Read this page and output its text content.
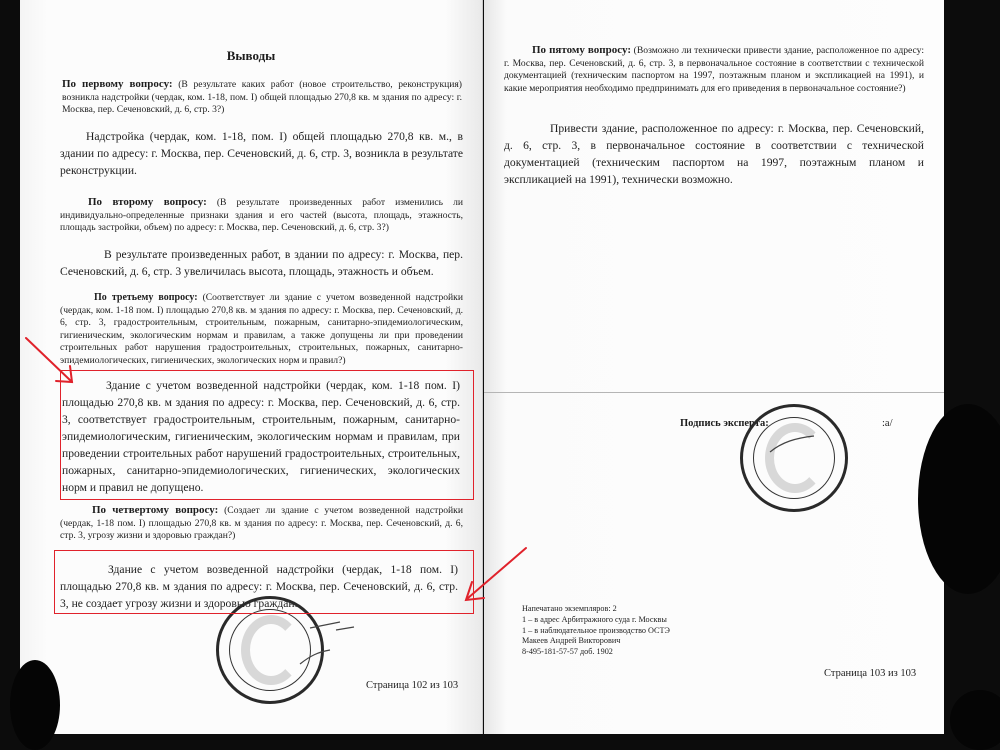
Выводы

По первому вопросу: (В результате каких работ (новое строительство, реконструкция) возникла надстройки (чердак, ком. 1-18, пом. I) общей площадью 270,8 кв. м здания по адресу: г. Москва, пер. Сеченовский, д. 6, стр. 3?)

Надстройка (чердак, ком. 1-18, пом. I) общей площадью 270,8 кв. м., в здании по адресу: г. Москва, пер. Сеченовский, д. 6, стр. 3, возникла в результате реконструкции.

По второму вопросу: (В результате произведенных работ изменились ли индивидуально-определенные признаки здания и его частей (высота, площадь, этажность, площадь застройки, объем) по адресу: г. Москва, пер. Сеченовский, д. 6, стр. 3?)

В результате произведенных работ, в здании по адресу: г. Москва, пер. Сеченовский, д. 6, стр. 3 увеличилась высота, площадь, этажность и объем.

По третьему вопросу: (Соответствует ли здание с учетом возведенной надстройки (чердак, ком. 1-18 пом. I) площадью 270,8 кв. м здания по адресу: г. Москва, пер. Сеченовский, д. 6, стр. 3, градостроительным, строительным, пожарным, санитарно-эпидемиологическим, гигиеническим, экологическим нормам и правилам, а также допущены ли при проведении строительных работ нарушения градостроительных, строительных, пожарных, санитарно-эпидемиологических, гигиенических, экологических норм и правил?)

Здание с учетом возведенной надстройки (чердак, ком. 1-18 пом. I) площадью 270,8 кв. м здания по адресу: г. Москва, пер. Сеченовский, д. 6, стр. 3, соответствует градостроительным, строительным, пожарным, санитарно-эпидемиологическим, гигиеническим, экологическим нормам и правилам, при проведении строительных работ нарушений градостроительных, строительных, пожарных, санитарно-эпидемиологических, гигиенических, экологических норм и правил не допущено.

По четвертому вопросу: (Создает ли здание с учетом возведенной надстройки (чердак, 1-18 пом. I) площадью 270,8 кв. м здания по адресу: г. Москва, пер. Сеченовский, д. 6, стр. 3, угрозу жизни и здоровью граждан?)

Здание с учетом возведенной надстройки (чердак, 1-18 пом. I) площадью 270,8 кв. м здания по адресу: г. Москва, пер. Сеченовский, д. 6, стр. 3, не создает угрозу жизни и здоровью граждан.

Страница 102 из 103

По пятому вопросу: (Возможно ли технически привести здание, расположенное по адресу: г. Москва, пер. Сеченовский, д. 6, стр. 3, в первоначальное состояние в соответствии с технической документацией (техническим паспортом на 1997, поэтажным планом и экспликацией на 1991), и какие мероприятия необходимо предпринимать для его приведения в первоначальное состояние?)

Привести здание, расположенное по адресу: г. Москва, пер. Сеченовский, д. 6, стр. 3, в первоначальное состояние в соответствии с технической документацией (техническим паспортом на 1997, поэтажным планом и экспликацией на 1991), технически возможно.

Подпись эксперта:	:а/
Напечатано экземпляров: 2
1 – в адрес Арбитражного суда г. Москвы
1 – в наблюдательное производство ОСТЭ
Макеев Андрей Викторович
8-495-181-57-57 доб. 1902
Страница 103 из 103
